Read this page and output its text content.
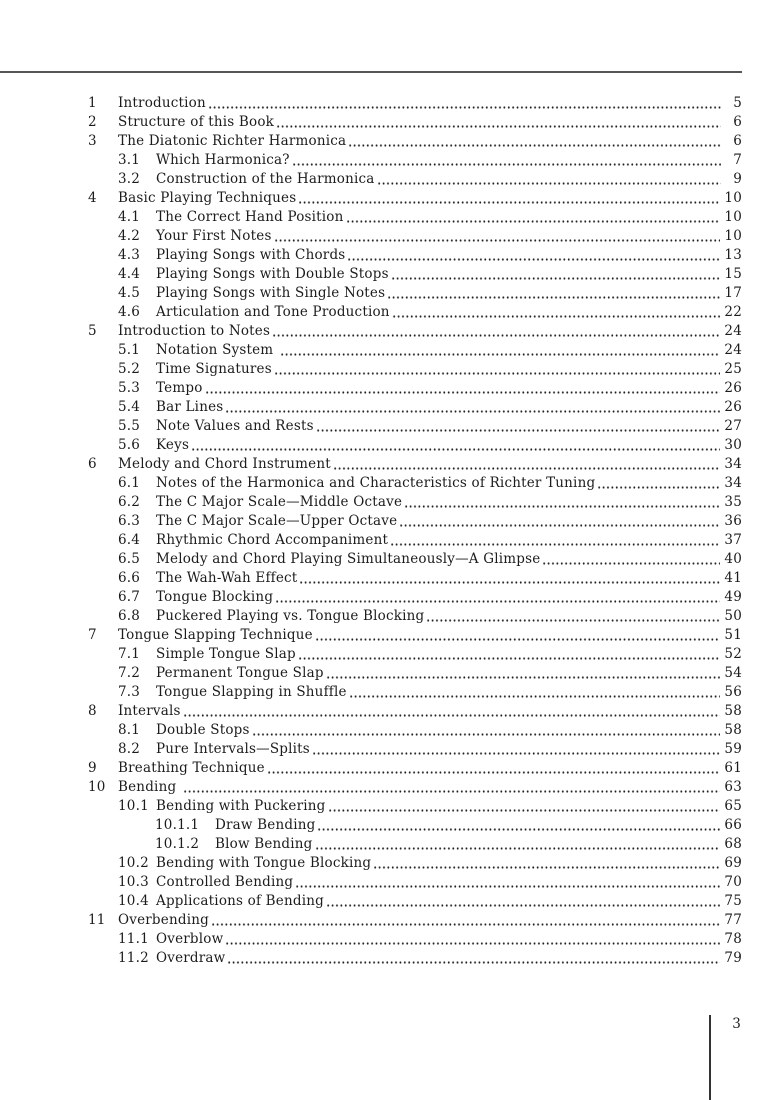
1	Introduction	5
2	Structure of this Book	6
3	The Diatonic Richter Harmonica	6
3.1	Which Harmonica?	7
3.2	Construction of the Harmonica	9
4	Basic Playing Techniques	10
4.1	The Correct Hand Position	10
4.2	Your First Notes	10
4.3	Playing Songs with Chords	13
4.4	Playing Songs with Double Stops	15
4.5	Playing Songs with Single Notes	17
4.6	Articulation and Tone Production	22
5	Introduction to Notes	24
5.1	Notation System	24
5.2	Time Signatures	25
5.3	Tempo	26
5.4	Bar Lines	26
5.5	Note Values and Rests	27
5.6	Keys	30
6	Melody and Chord Instrument	34
6.1	Notes of the Harmonica and Characteristics of Richter Tuning	34
6.2	The C Major Scale—Middle Octave	35
6.3	The C Major Scale—Upper Octave	36
6.4	Rhythmic Chord Accompaniment	37
6.5	Melody and Chord Playing Simultaneously—A Glimpse	40
6.6	The Wah-Wah Effect	41
6.7	Tongue Blocking	49
6.8	Puckered Playing vs. Tongue Blocking	50
7	Tongue Slapping Technique	51
7.1	Simple Tongue Slap	52
7.2	Permanent Tongue Slap	54
7.3	Tongue Slapping in Shuffle	56
8	Intervals	58
8.1	Double Stops	58
8.2	Pure Intervals—Splits	59
9	Breathing Technique	61
10 Bending	63
10.1 Bending with Puckering	65
10.1.1	Draw Bending	66
10.1.2	Blow Bending	68
10.2 Bending with Tongue Blocking	69
10.3 Controlled Bending	70
10.4 Applications of Bending	75
11 Overbending	77
11.1 Overblow	78
11.2 Overdraw	79
3
